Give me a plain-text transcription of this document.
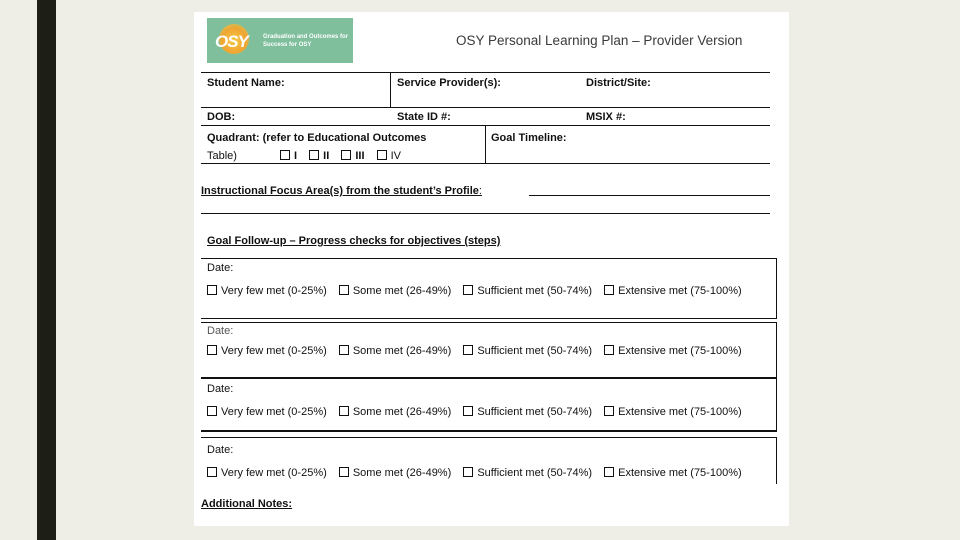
OSY	Graduation and Outcomes for Success for OSY	OSY Personal Learning Plan – Provider Version
Student Name:	Service Provider(s):	District/Site:
DOB:	State ID #:	MSIX #:
Quadrant: (refer to Educational Outcomes
Table)	I II III IV
Goal Timeline:
Instructional Focus Area(s) from the student’s Profile:
Goal Follow-up – Progress checks for objectives (steps)
Date:
Very few met (0-25%) Some met (26-49%) Sufficient met (50-74%) Extensive met (75-100%)
Date:
Very few met (0-25%) Some met (26-49%) Sufficient met (50-74%) Extensive met (75-100%)
Date:
Very few met (0-25%) Some met (26-49%) Sufficient met (50-74%) Extensive met (75-100%)
Date:
Very few met (0-25%) Some met (26-49%) Sufficient met (50-74%) Extensive met (75-100%)
Additional Notes:
